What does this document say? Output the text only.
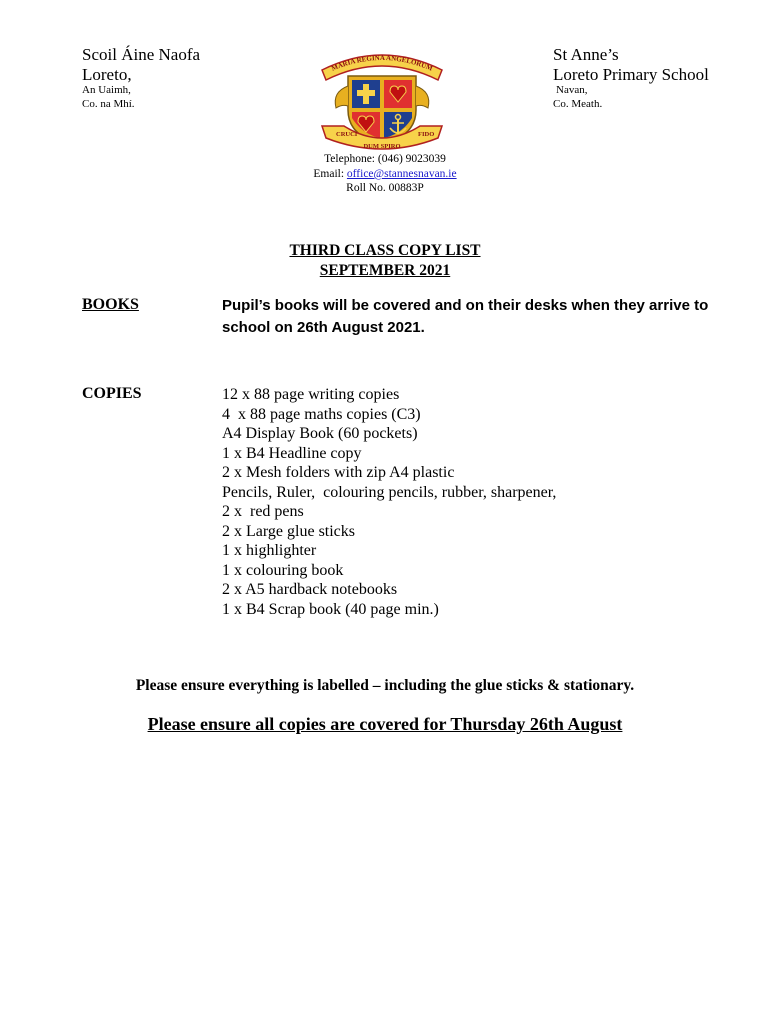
Scoil Áine Naofa
Loreto,
An Uaimh,
Co. na Mhí.
St Anne’s
Loreto Primary School
Navan,
Co. Meath.
MARIA REGINA ANGELORUM
CRUCI
DUM SPIRO
FIDO
Telephone: (046) 9023039
Email: office@stannesnavan.ie
Roll No. 00883P
THIRD CLASS COPY LIST
SEPTEMBER 2021
BOOKS	Pupil’s books will be covered and on their desks when they arrive to school on 26th August 2021.
COPIES	12 x 88 page writing copies
4  x 88 page maths copies (C3)
A4 Display Book (60 pockets)
1 x B4 Headline copy
2 x Mesh folders with zip A4 plastic
Pencils, Ruler,  colouring pencils, rubber, sharpener,
2 x  red pens
2 x Large glue sticks
1 x highlighter
1 x colouring book
2 x A5 hardback notebooks
1 x B4 Scrap book (40 page min.)
Please ensure everything is labelled – including the glue sticks & stationary.
Please ensure all copies are covered for Thursday 26th August
